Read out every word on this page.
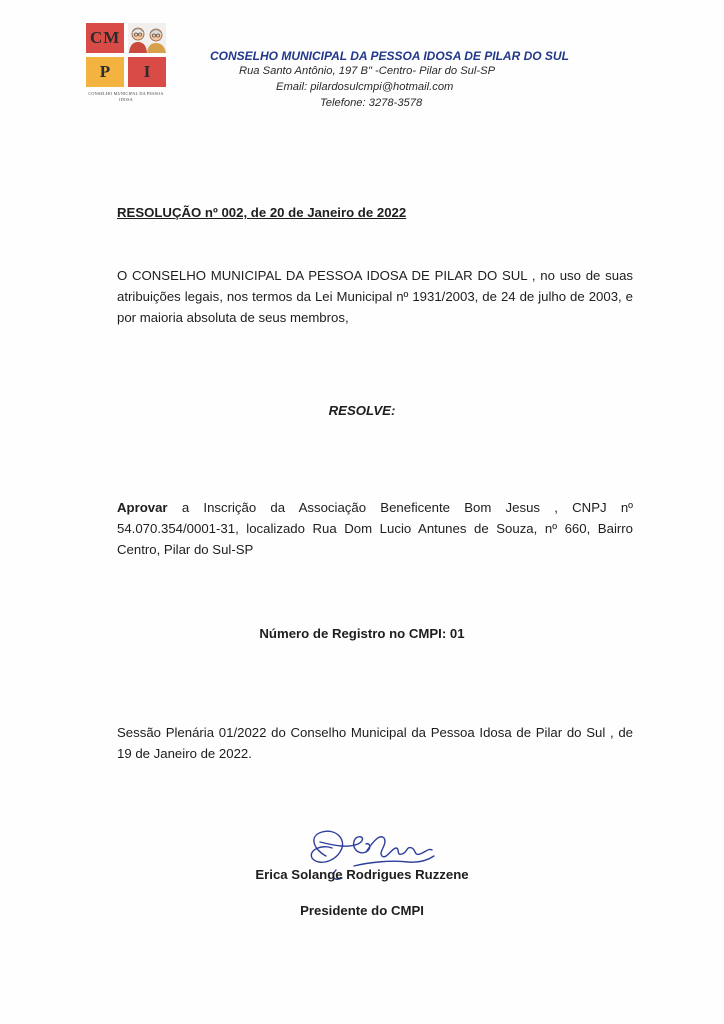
CM
P	I
CONSELHO MUNICIPAL DA PESSOA IDOSA
CONSELHO MUNICIPAL DA PESSOA IDOSA DE PILAR DO SUL
Rua Santo Antônio, 197 B" -Centro- Pilar do Sul-SP
Email: pilardosulcmpi@hotmail.com
Telefone: 3278-3578
RESOLUÇÃO nº 002, de 20 de Janeiro de 2022
O CONSELHO MUNICIPAL DA PESSOA IDOSA DE PILAR DO SUL , no uso de suas atribuições legais, nos termos da Lei Municipal nº 1931/2003, de 24 de julho de 2003, e por maioria absoluta de seus membros,
RESOLVE:
Aprovar a Inscrição da Associação Beneficente Bom Jesus , CNPJ nº 54.070.354/0001-31, localizado Rua Dom Lucio Antunes de Souza, nº 660, Bairro Centro, Pilar do Sul-SP
Número de Registro no CMPI: 01
Sessão Plenária 01/2022 do Conselho Municipal da Pessoa Idosa de Pilar do Sul , de 19 de Janeiro de 2022.
Erica Solange Rodrigues Ruzzene
Presidente do CMPI
